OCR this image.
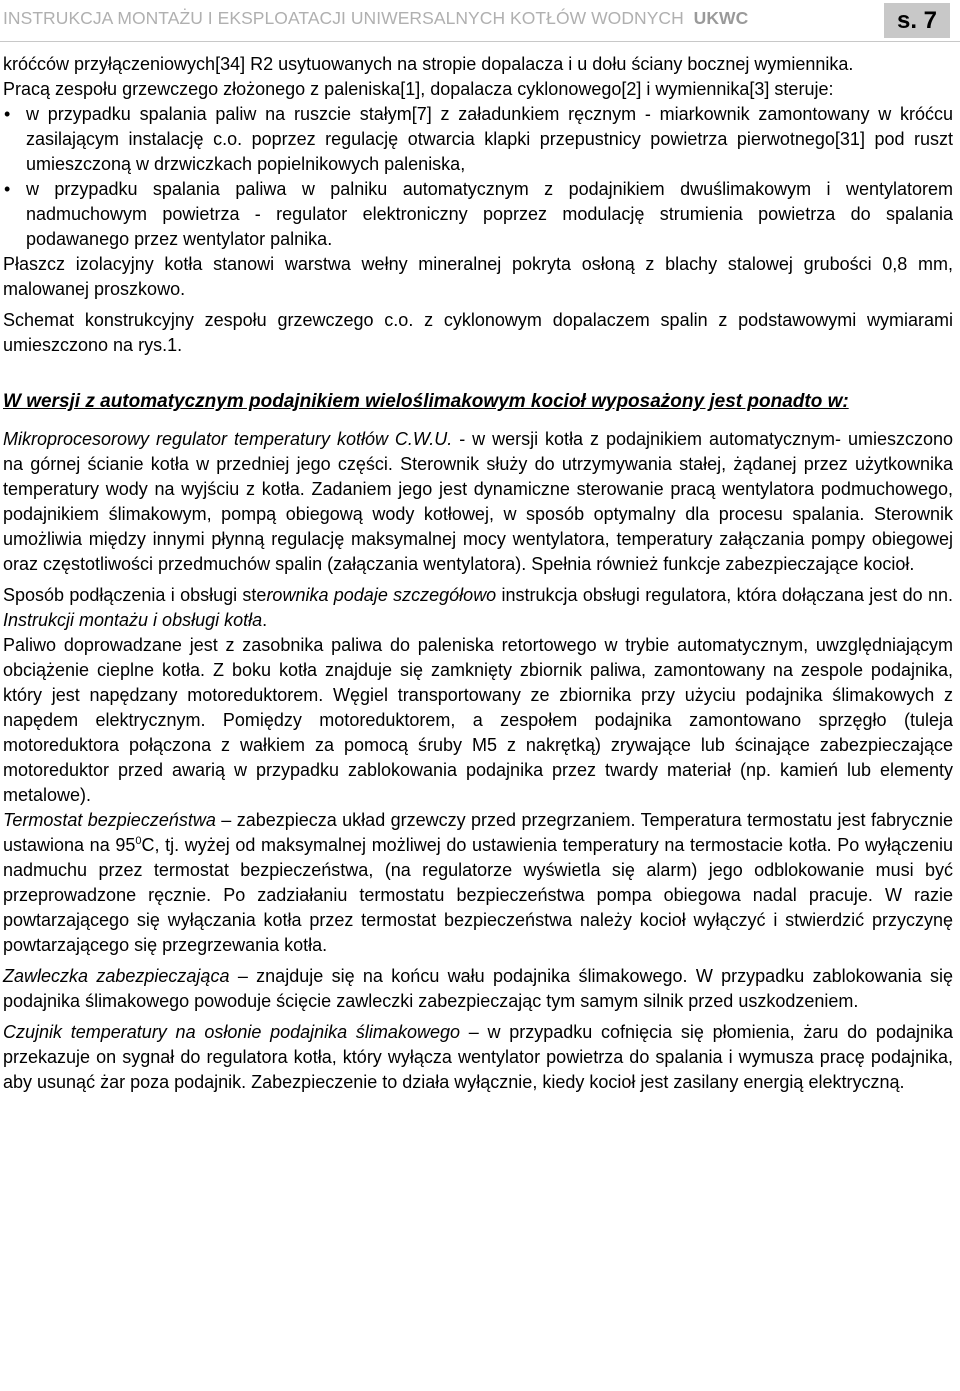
INSTRUKCJA MONTAŻU I EKSPLOATACJI UNIWERSALNYCH KOTŁÓW WODNYCH UKWC	s. 7

króćców przyłączeniowych[34] R2 usytuowanych na stropie dopalacza i u dołu ściany bocznej wymiennika.

Pracą zespołu grzewczego złożonego z paleniska[1], dopalacza cyklonowego[2] i wymiennika[3] steruje:

• w przypadku spalania paliw na ruszcie stałym[7] z załadunkiem ręcznym - miarkownik zamontowany w króćcu zasilającym instalację c.o. poprzez regulację otwarcia klapki przepustnicy powietrza pierwotnego[31] pod ruszt umieszczoną w drzwiczkach popielnikowych paleniska,
• w przypadku spalania paliwa w palniku automatycznym z podajnikiem dwuślimakowym i wentylatorem nadmuchowym powietrza - regulator elektroniczny poprzez modulację strumienia powietrza do spalania podawanego przez wentylator palnika.

Płaszcz izolacyjny kotła stanowi warstwa wełny mineralnej pokryta osłoną z blachy stalowej grubości 0,8 mm, malowanej proszkowo.

Schemat konstrukcyjny zespołu grzewczego c.o. z cyklonowym dopalaczem spalin z podstawowymi wymiarami umieszczono na rys.1.

W wersji z automatycznym podajnikiem wieloślimakowym kocioł wyposażony jest ponadto w:

Mikroprocesorowy regulator temperatury kotłów C.W.U. - w wersji kotła z podajnikiem automatycznym- umieszczono na górnej ścianie kotła w przedniej jego części. Sterownik służy do utrzymywania stałej, żądanej przez użytkownika temperatury wody na wyjściu z kotła. Zadaniem jego jest dynamiczne sterowanie pracą wentylatora podmuchowego, podajnikiem ślimakowym, pompą obiegową wody kotłowej, w sposób optymalny dla procesu spalania. Sterownik umożliwia między innymi płynną regulację maksymalnej mocy wentylatora, temperatury załączania pompy obiegowej oraz częstotliwości przedmuchów spalin (załączania wentylatora). Spełnia również funkcje zabezpieczające kocioł.

Sposób podłączenia i obsługi sterownika podaje szczegółowo instrukcja obsługi regulatora, która dołączana jest do nn. Instrukcji montażu i obsługi kotła.

Paliwo doprowadzane jest z zasobnika paliwa do paleniska retortowego w trybie automatycznym, uwzględniającym obciążenie cieplne kotła. Z boku kotła znajduje się zamknięty zbiornik paliwa, zamontowany na zespole podajnika, który jest napędzany motoreduktorem. Węgiel transportowany ze zbiornika przy użyciu podajnika ślimakowych z napędem elektrycznym. Pomiędzy motoreduktorem, a zespołem podajnika zamontowano sprzęgło (tuleja motoreduktora połączona z wałkiem za pomocą śruby M5 z nakrętką) zrywające lub ścinające zabezpieczające motoreduktor przed awarią w przypadku zablokowania podajnika przez twardy materiał (np. kamień lub elementy metalowe).

Termostat bezpieczeństwa – zabezpiecza układ grzewczy przed przegrzaniem. Temperatura termostatu jest fabrycznie ustawiona na $95^0C$, tj. wyżej od maksymalnej możliwej do ustawienia temperatury na termostacie kotła. Po wyłączeniu nadmuchu przez termostat bezpieczeństwa, (na regulatorze wyświetla się alarm) jego odblokowanie musi być przeprowadzone ręcznie. Po zadziałaniu termostatu bezpieczeństwa pompa obiegowa nadal pracuje. W razie powtarzającego się wyłączania kotła przez termostat bezpieczeństwa należy kocioł wyłączyć i stwierdzić przyczynę powtarzającego się przegrzewania kotła.

Zawleczka zabezpieczająca – znajduje się na końcu wału podajnika ślimakowego. W przypadku zablokowania się podajnika ślimakowego powoduje ścięcie zawleczki zabezpieczając tym samym silnik przed uszkodzeniem.

Czujnik temperatury na osłonie podajnika ślimakowego – w przypadku cofnięcia się płomienia, żaru do podajnika przekazuje on sygnał do regulatora kotła, który wyłącza wentylator powietrza do spalania i wymusza pracę podajnika, aby usunąć żar poza podajnik. Zabezpieczenie to działa wyłącznie, kiedy kocioł jest zasilany energią elektryczną.
